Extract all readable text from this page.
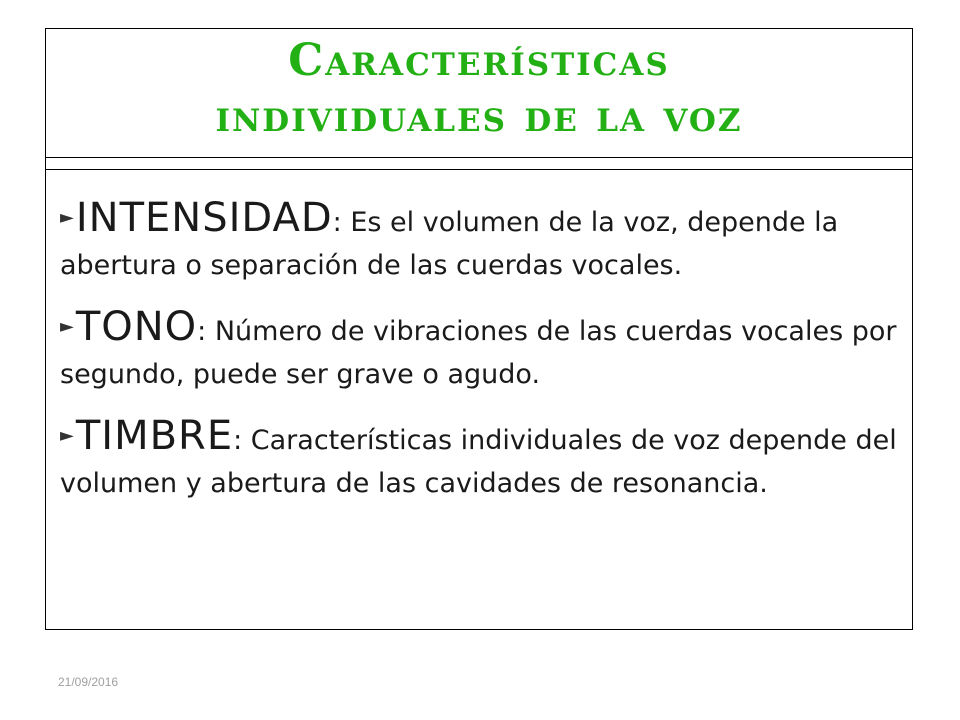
Características
individuales de la voz
►INTENSIDAD: Es el volumen de la voz, depende la abertura o separación de las cuerdas vocales.
►TONO: Número de vibraciones de las cuerdas vocales por segundo, puede ser grave o agudo.
►TIMBRE: Características individuales de voz depende del volumen y abertura de las cavidades de resonancia.
21/09/2016
